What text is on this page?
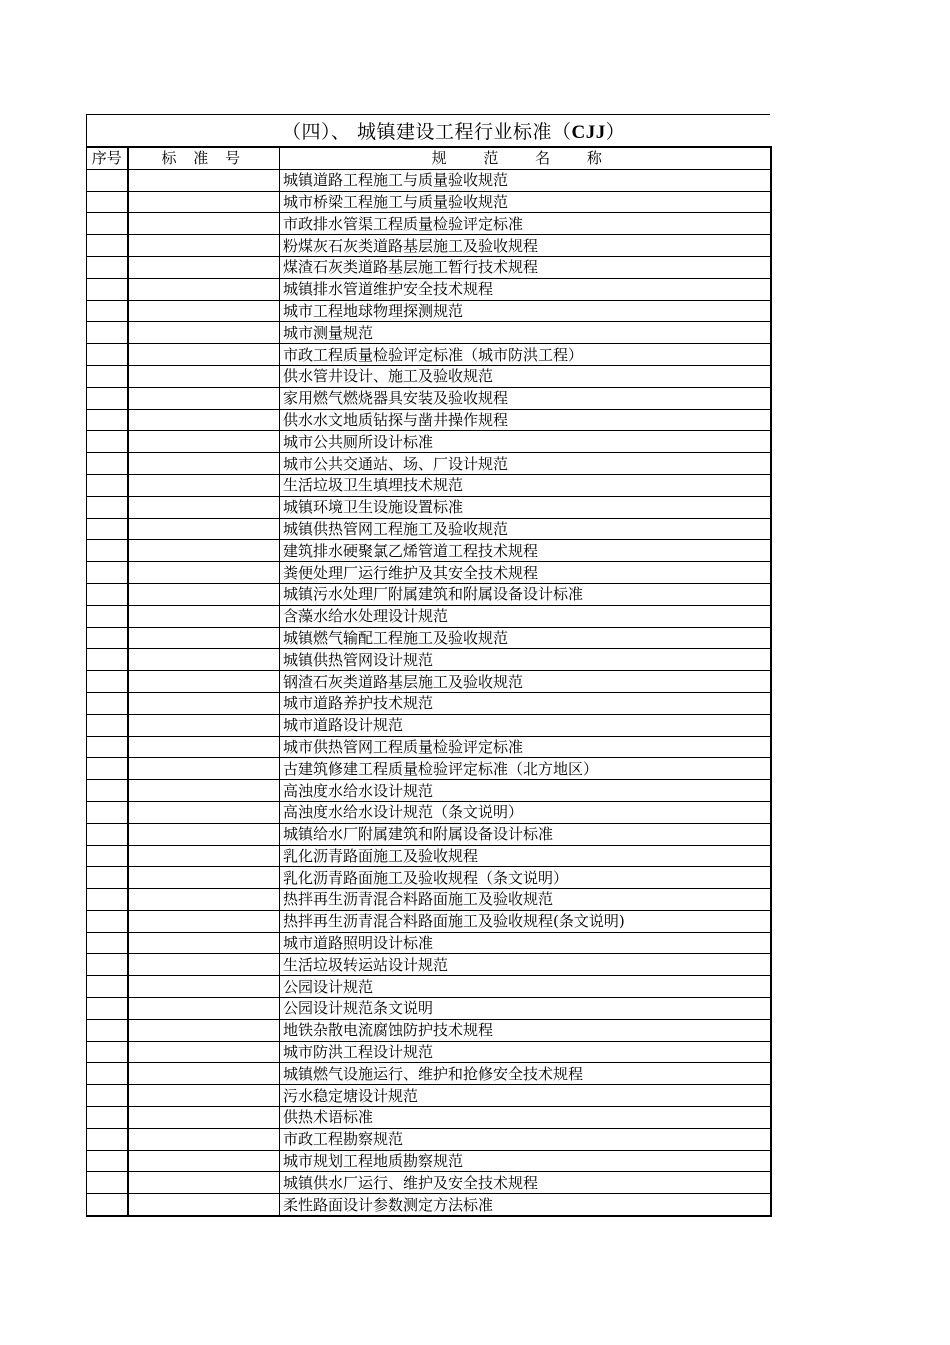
（四）、 城镇建设工程行业标准（CJJ）
序号	标 准 号	规 范 名 称
		城镇道路工程施工与质量验收规范
		城市桥梁工程施工与质量验收规范
		市政排水管渠工程质量检验评定标准
		粉煤灰石灰类道路基层施工及验收规程
		煤渣石灰类道路基层施工暂行技术规程
		城镇排水管道维护安全技术规程
		城市工程地球物理探测规范
		城市测量规范
		市政工程质量检验评定标准（城市防洪工程）
		供水管井设计、施工及验收规范
		家用燃气燃烧器具安装及验收规程
		供水水文地质钻探与凿井操作规程
		城市公共厕所设计标准
		城市公共交通站、场、厂设计规范
		生活垃圾卫生填埋技术规范
		城镇环境卫生设施设置标准
		城镇供热管网工程施工及验收规范
		建筑排水硬聚氯乙烯管道工程技术规程
		粪便处理厂运行维护及其安全技术规程
		城镇污水处理厂附属建筑和附属设备设计标准
		含藻水给水处理设计规范
		城镇燃气输配工程施工及验收规范
		城镇供热管网设计规范
		钢渣石灰类道路基层施工及验收规范
		城市道路养护技术规范
		城市道路设计规范
		城市供热管网工程质量检验评定标准
		古建筑修建工程质量检验评定标准（北方地区）
		高浊度水给水设计规范
		高浊度水给水设计规范（条文说明）
		城镇给水厂附属建筑和附属设备设计标准
		乳化沥青路面施工及验收规程
		乳化沥青路面施工及验收规程（条文说明）
		热拌再生沥青混合料路面施工及验收规范
		热拌再生沥青混合料路面施工及验收规程(条文说明)
		城市道路照明设计标准
		生活垃圾转运站设计规范
		公园设计规范
		公园设计规范条文说明
		地铁杂散电流腐蚀防护技术规程
		城市防洪工程设计规范
		城镇燃气设施运行、维护和抢修安全技术规程
		污水稳定塘设计规范
		供热术语标准
		市政工程勘察规范
		城市规划工程地质勘察规范
		城镇供水厂运行、维护及安全技术规程
		柔性路面设计参数测定方法标准
